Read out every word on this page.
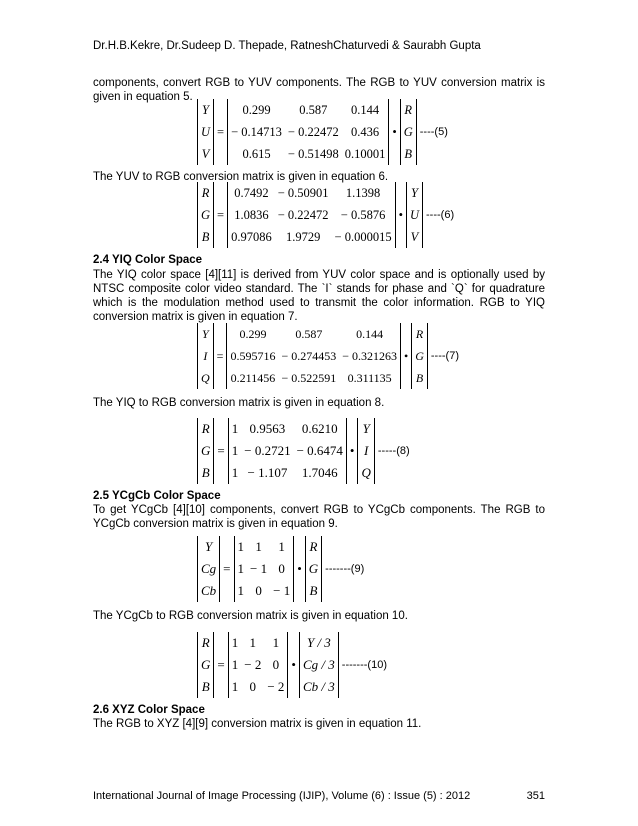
Dr.H.B.Kekre, Dr.Sudeep D. Thepade, RatneshChaturvedi & Saurabh Gupta
components, convert RGB to YUV components. The RGB to YUV conversion matrix is given in equation 5.
Y		0.299	0.587	0.144		R	
U	=	− 0.14713	− 0.22472	0.436	•	G	----(5)
V		0.615	− 0.51498	0.10001		B	
The YUV to RGB conversion matrix is given in equation 6.
R		0.7492	− 0.50901	1.1398		Y	
G	=	1.0836	− 0.22472	− 0.5876	•	U	----(6)
B		0.97086	1.9729	− 0.000015		V	
2.4 YIQ Color Space
The YIQ color space [4][11] is derived from YUV color space and is optionally used by NTSC composite color video standard. The `I` stands for phase and `Q` for quadrature which is the modulation method used to transmit the color information. RGB to YIQ conversion matrix is given in equation 7.
Y		0.299	0.587	0.144		R	
I	=	0.595716	− 0.274453	− 0.321263	•	G	----(7)
Q		0.211456	− 0.522591	0.311135		B	
The YIQ to RGB conversion matrix is given in equation 8.
R		1	0.9563	0.6210		Y	
G	=	1	− 0.2721	− 0.6474	•	I	-----(8)
B		1	− 1.107	1.7046		Q	
2.5 YCgCb Color Space
To get YCgCb [4][10] components, convert RGB to YCgCb components. The RGB to YCgCb conversion matrix is given in equation 9.
Y		1	1	1		R	
Cg	=	1	− 1	0	•	G	-------(9)
Cb		1	0	− 1		B	
The YCgCb to RGB conversion matrix is given in equation 10.
R		1	1	1		Y / 3	
G	=	1	− 2	0	•	Cg / 3	-------(10)
B		1	0	− 2		Cb / 3	
2.6 XYZ Color Space
The RGB to XYZ [4][9] conversion matrix is given in equation 11.
International Journal of Image Processing (IJIP), Volume (6) : Issue (5) : 2012	351
